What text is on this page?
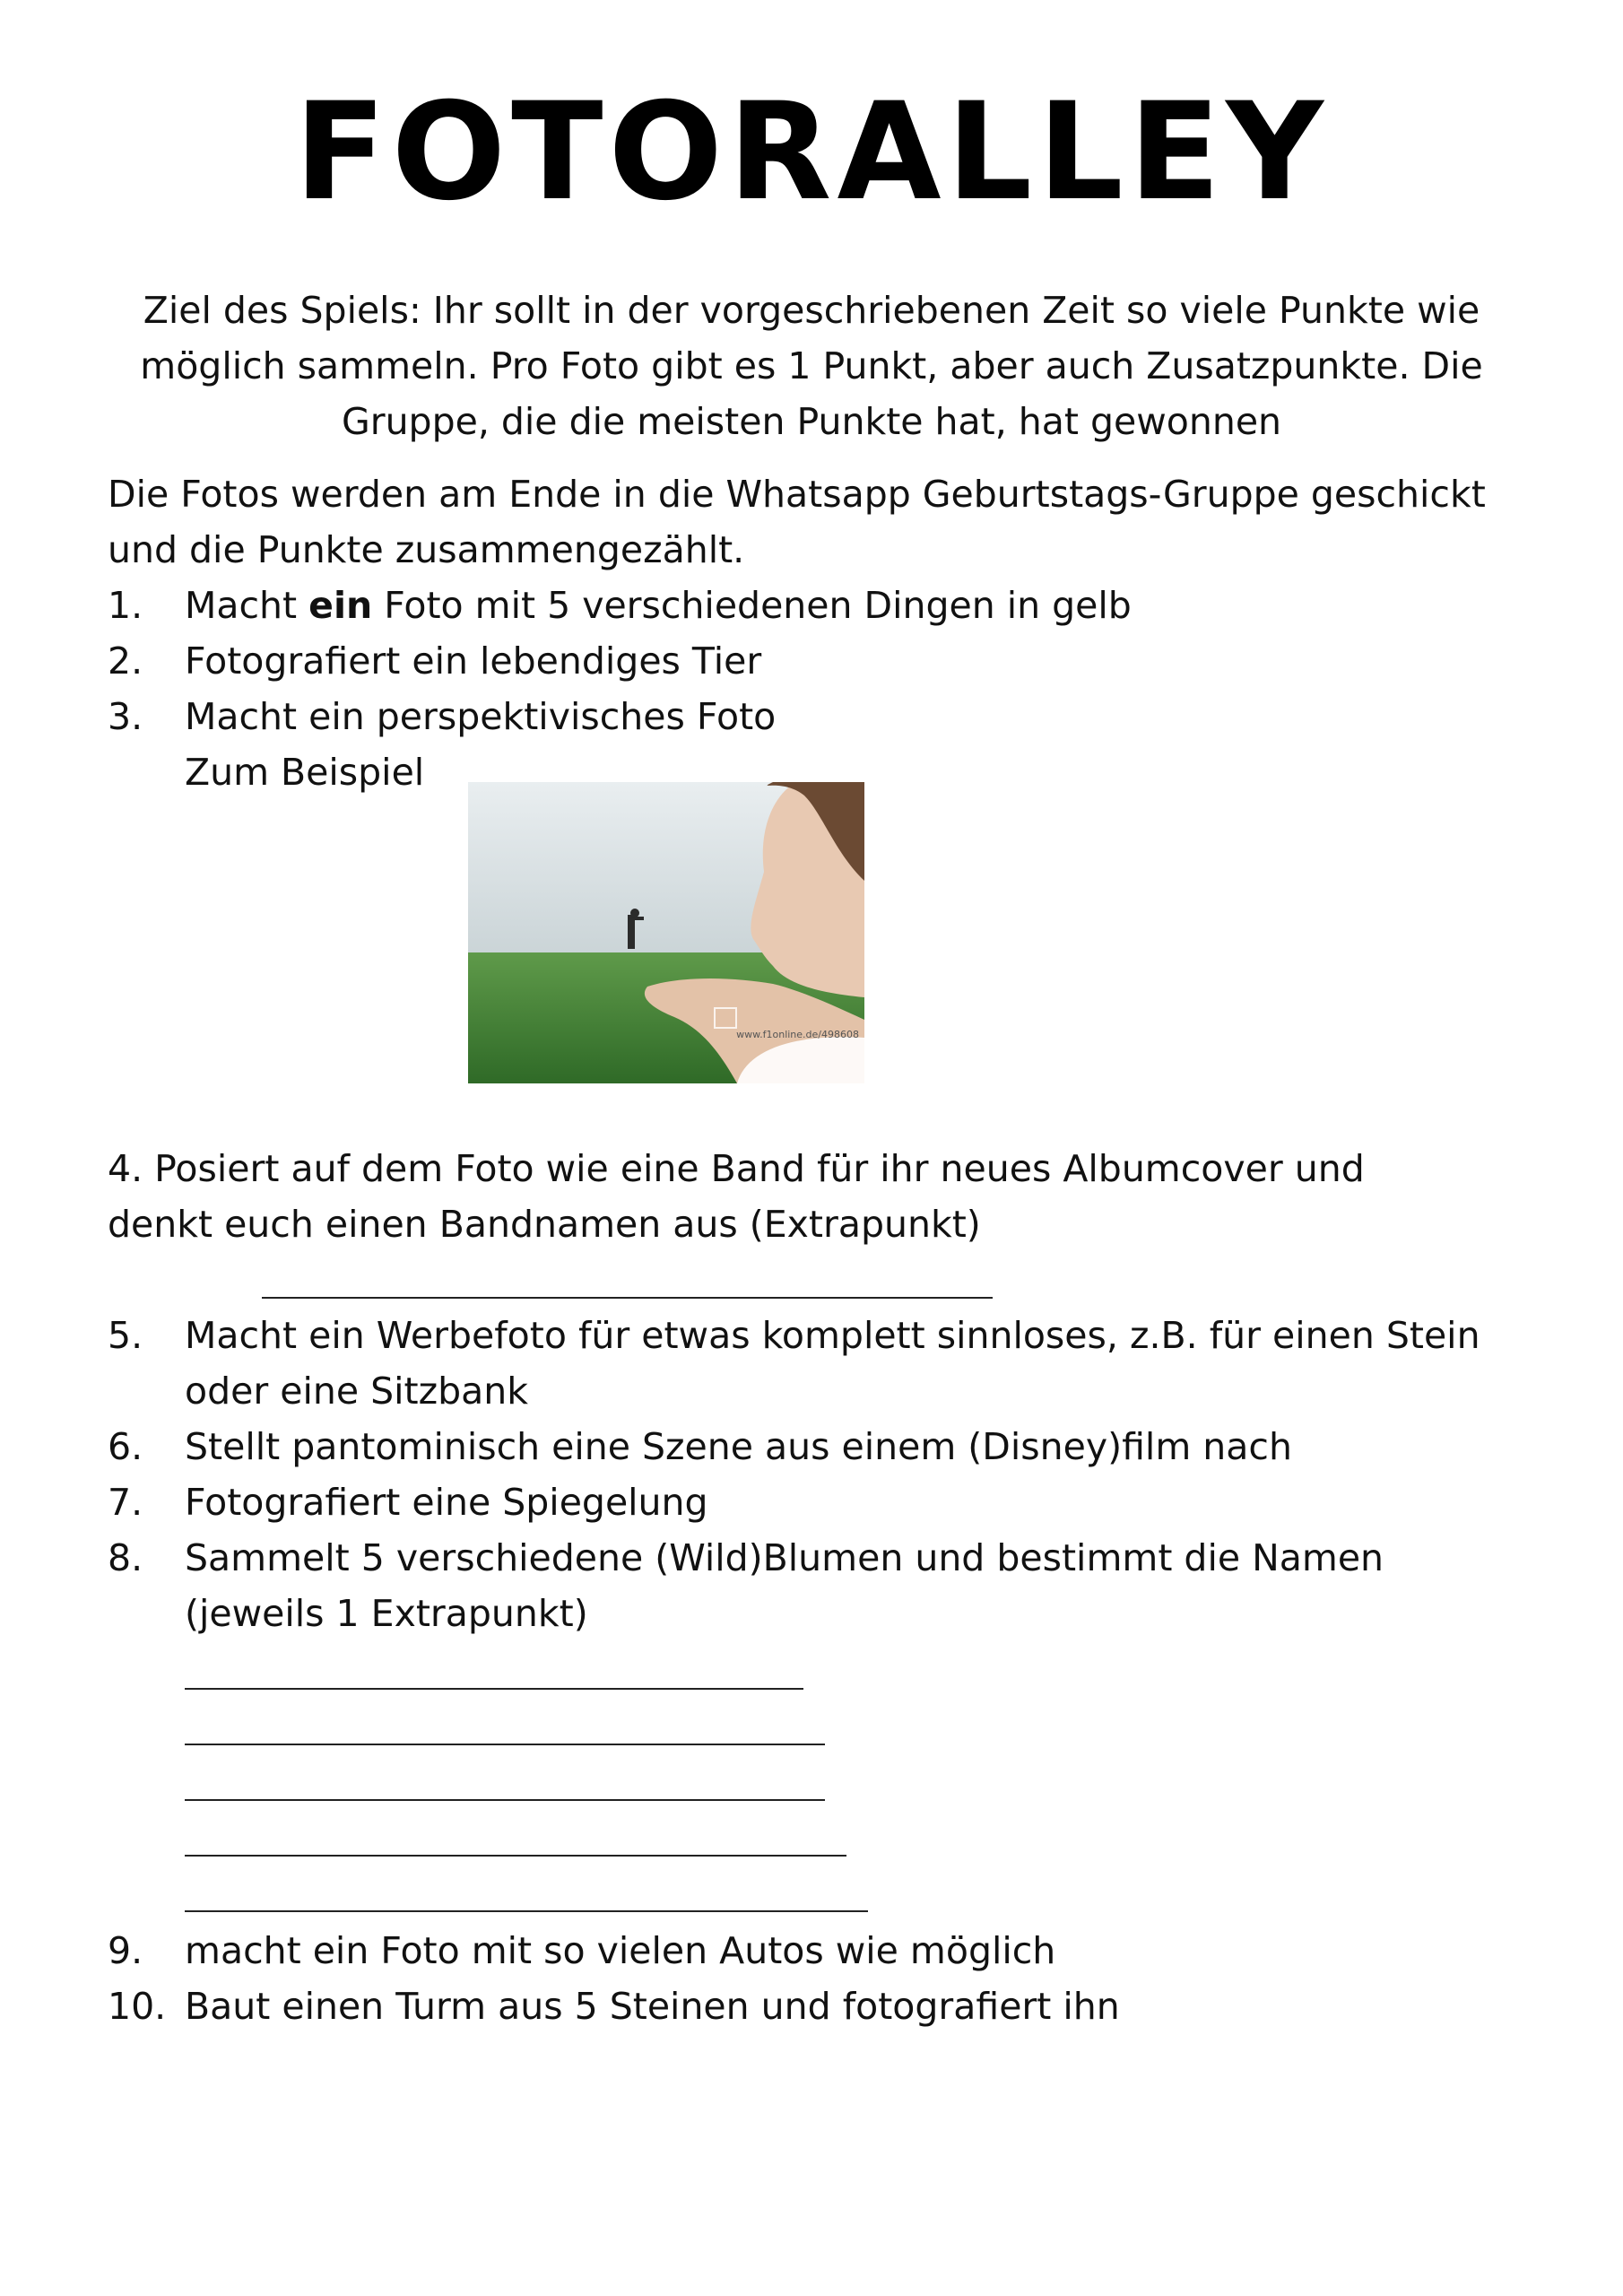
FOTORALLEY
Ziel des Spiels: Ihr sollt in der vorgeschriebenen Zeit so viele Punkte wie möglich sammeln. Pro Foto gibt es 1 Punkt, aber auch Zusatzpunkte. Die Gruppe, die die meisten Punkte hat, hat gewonnen
Die Fotos werden am Ende in die Whatsapp Geburtstags-Gruppe geschickt
und die Punkte zusammengezählt.
1. Macht ein Foto mit 5 verschiedenen Dingen in gelb
2. Fotografiert ein lebendiges Tier
3. Macht ein perspektivisches Foto
Zum Beispiel
www.f1online.de/498608
4. Posiert auf dem Foto wie eine Band für ihr neues Albumcover und
denkt euch einen Bandnamen aus (Extrapunkt)
5. Macht ein Werbefoto für etwas komplett sinnloses, z.B. für einen Stein
oder eine Sitzbank
6. Stellt pantominisch eine Szene aus einem (Disney)film nach
7. Fotografiert eine Spiegelung
8. Sammelt 5 verschiedene (Wild)Blumen und bestimmt die Namen
(jeweils 1 Extrapunkt)
9. macht ein Foto mit so vielen Autos wie möglich
10. Baut einen Turm aus 5 Steinen und fotografiert ihn
